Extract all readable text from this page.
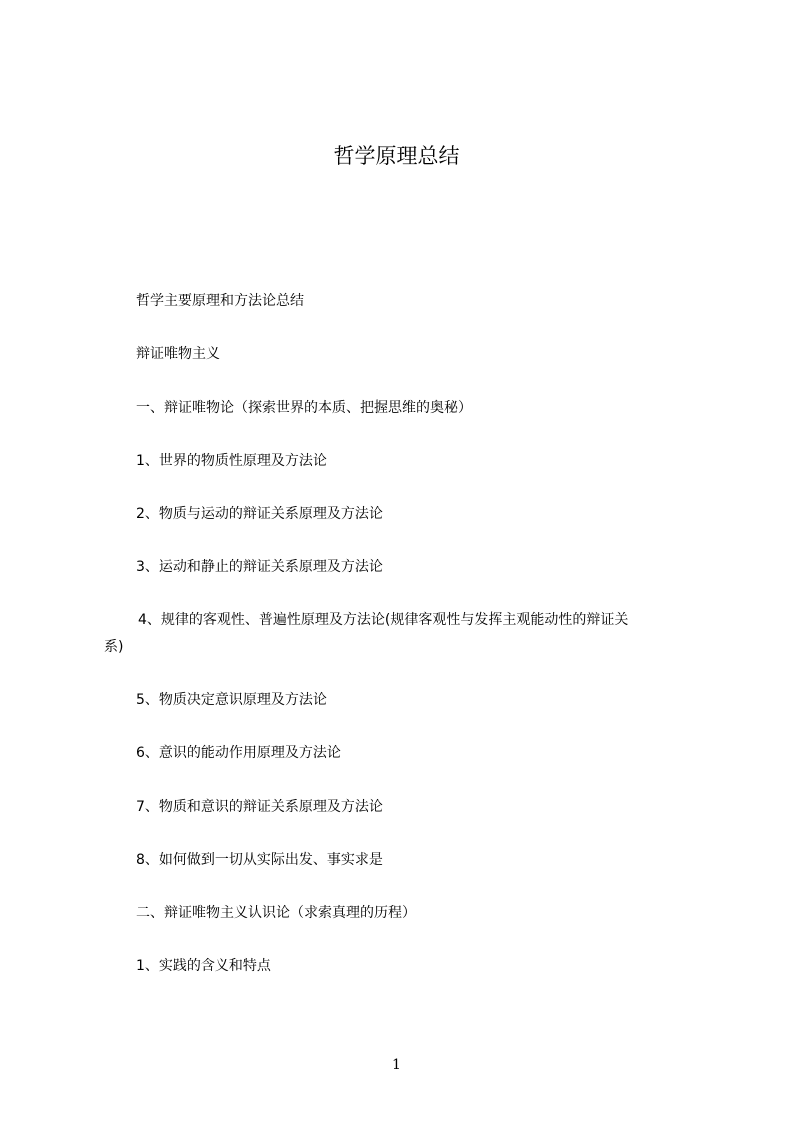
哲学原理总结

哲学主要原理和方法论总结

辩证唯物主义

一、辩证唯物论（探索世界的本质、把握思维的奥秘）

1、世界的物质性原理及方法论

2、物质与运动的辩证关系原理及方法论

3、运动和静止的辩证关系原理及方法论

4、规律的客观性、普遍性原理及方法论(规律客观性与发挥主观能动性的辩证关

系)

5、物质决定意识原理及方法论

6、意识的能动作用原理及方法论

7、物质和意识的辩证关系原理及方法论

8、如何做到一切从实际出发、事实求是

二、辩证唯物主义认识论（求索真理的历程）

1、实践的含义和特点

1
